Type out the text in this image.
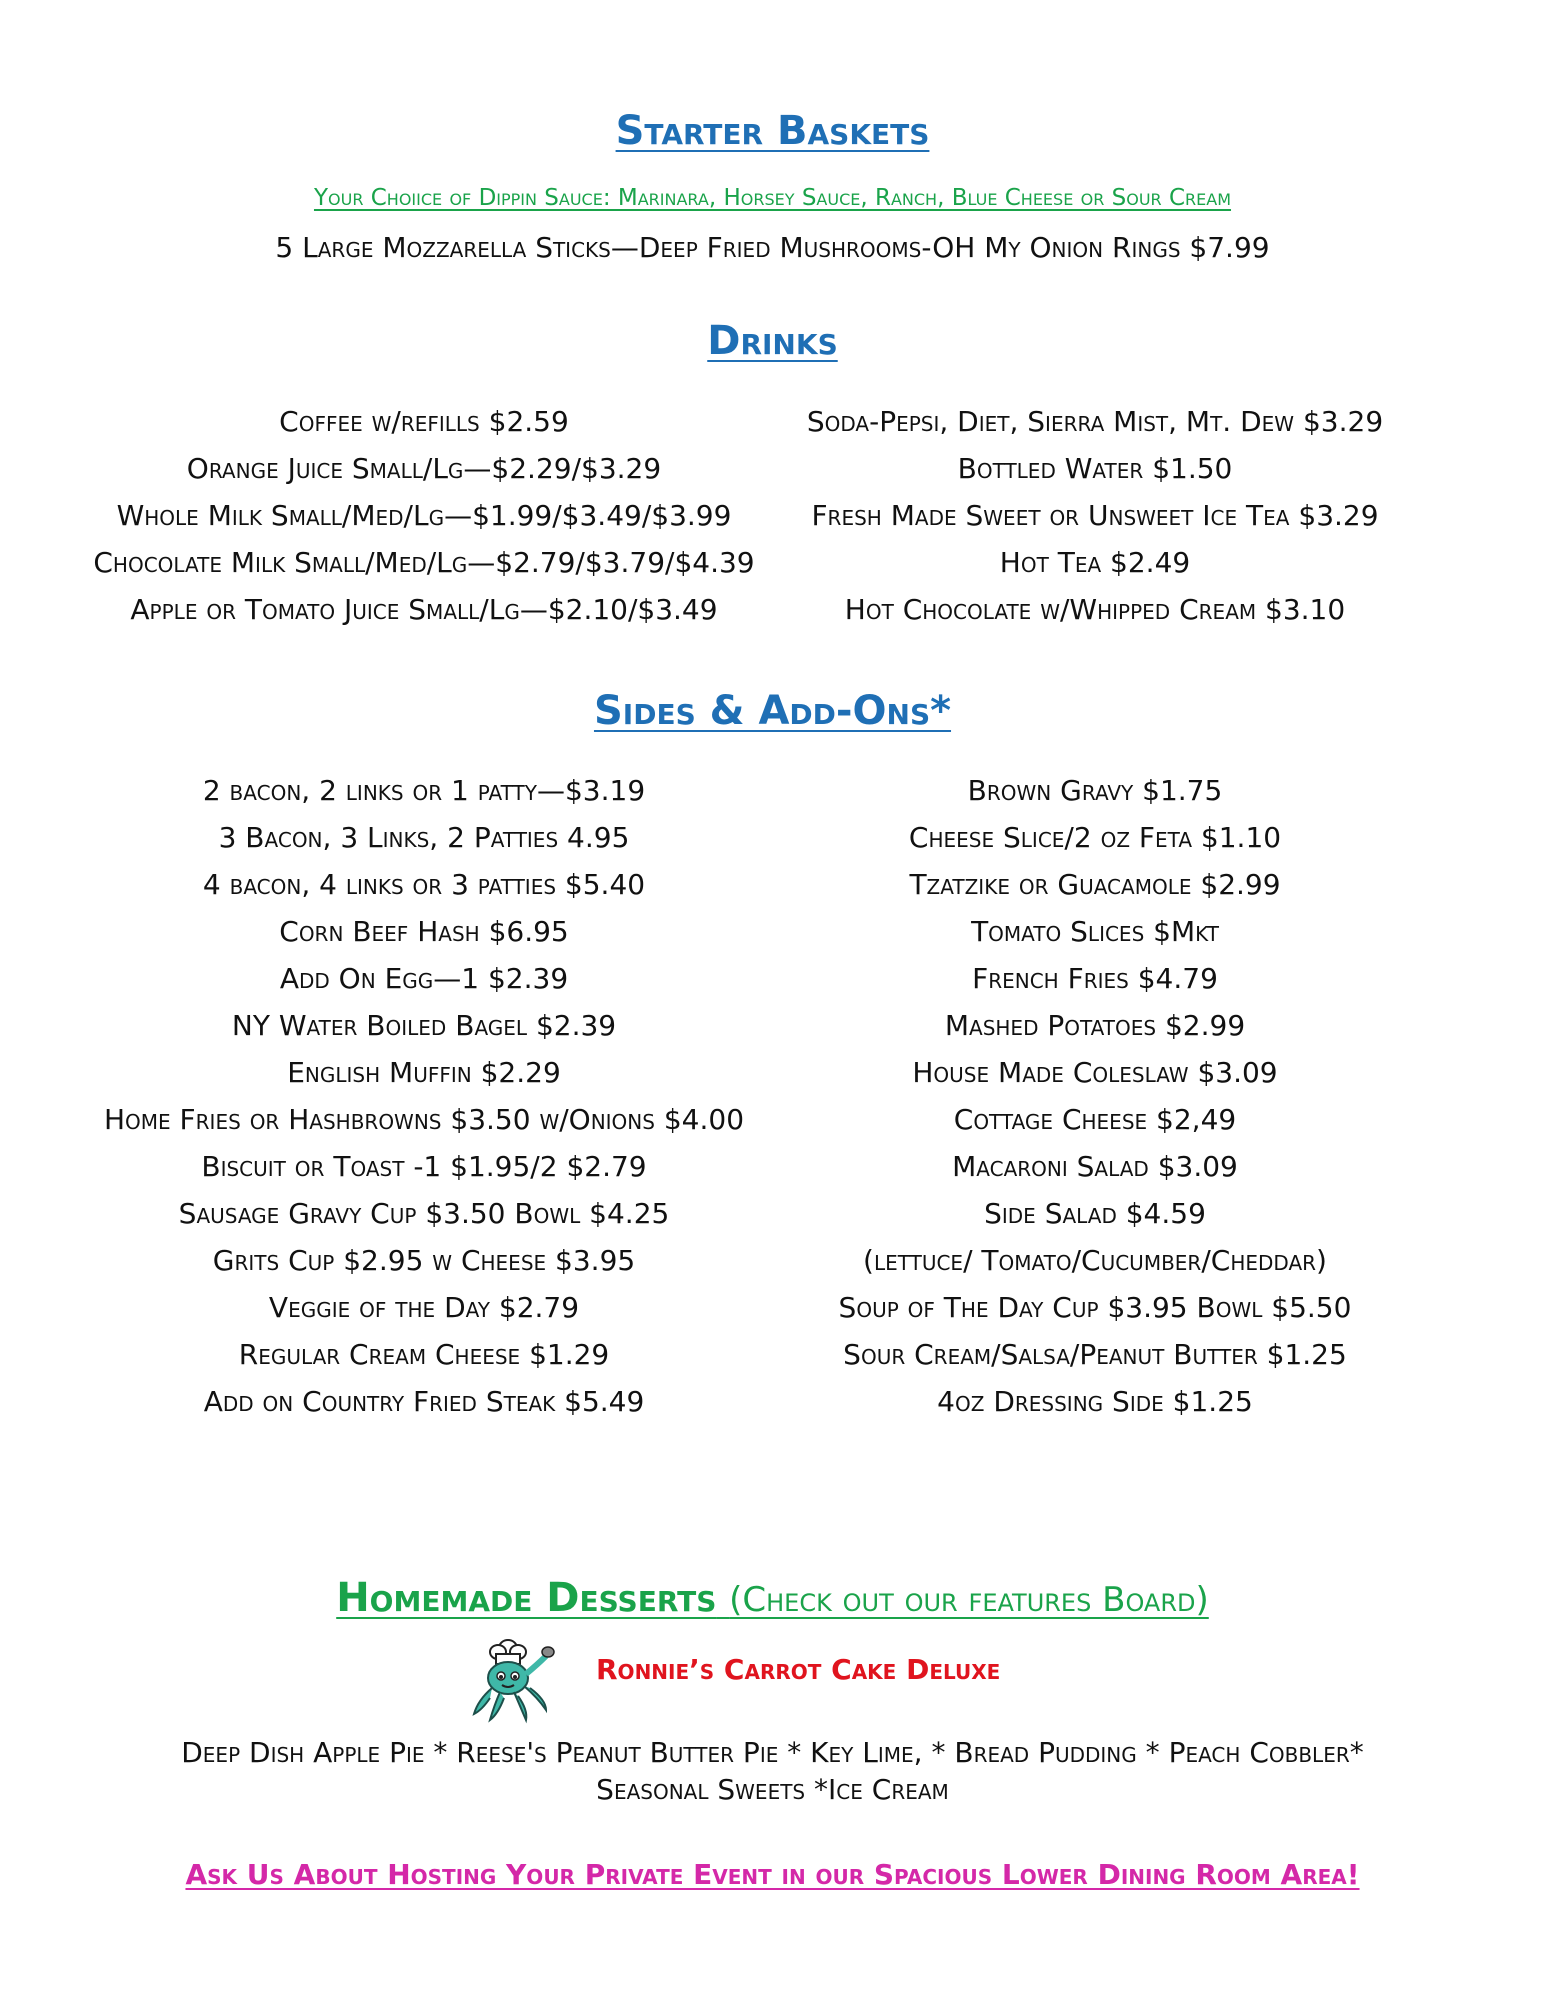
Starter Baskets
Your Choiice of Dippin Sauce: Marinara, Horsey Sauce, Ranch, Blue Cheese or Sour Cream
5 Large Mozzarella Sticks—Deep Fried Mushrooms-OH My Onion Rings $7.99
Drinks
Coffee w/refills $2.59
Orange Juice Small/Lg—$2.29/$3.29
Whole Milk Small/Med/Lg—$1.99/$3.49/$3.99
Chocolate Milk Small/Med/Lg—$2.79/$3.79/$4.39
Apple or Tomato Juice Small/Lg—$2.10/$3.49
Soda-Pepsi, Diet, Sierra Mist, Mt. Dew $3.29
Bottled Water $1.50
Fresh Made Sweet or Unsweet Ice Tea $3.29
Hot Tea $2.49
Hot Chocolate w/Whipped Cream $3.10
Sides & Add-Ons*
2 bacon, 2 links or 1 patty—$3.19
3 Bacon, 3 Links, 2 Patties 4.95
4 bacon, 4 links or 3 patties $5.40
Corn Beef Hash $6.95
Add On Egg—1 $2.39
NY Water Boiled Bagel $2.39
English Muffin $2.29
Home Fries or Hashbrowns $3.50 w/Onions $4.00
Biscuit or Toast -1 $1.95/2 $2.79
Sausage Gravy Cup $3.50 Bowl $4.25
Grits Cup $2.95 w Cheese $3.95
Veggie of the Day $2.79
Regular Cream Cheese $1.29
Add on Country Fried Steak $5.49
Brown Gravy $1.75
Cheese Slice/2 oz Feta $1.10
Tzatzike or Guacamole $2.99
Tomato Slices $Mkt
French Fries $4.79
Mashed Potatoes $2.99
House Made Coleslaw $3.09
Cottage Cheese $2,49
Macaroni Salad $3.09
Side Salad $4.59
(lettuce/ Tomato/Cucumber/Cheddar)
Soup of The Day Cup $3.95 Bowl $5.50
Sour Cream/Salsa/Peanut Butter $1.25
4oz Dressing Side $1.25
Homemade Desserts (Check out our features Board)
Ronnie’s Carrot Cake Deluxe
Deep Dish Apple Pie * Reese's Peanut Butter Pie * Key Lime, * Bread Pudding * Peach Cobbler*
Seasonal Sweets *Ice Cream
Ask Us About Hosting Your Private Event in our Spacious Lower Dining Room Area!
